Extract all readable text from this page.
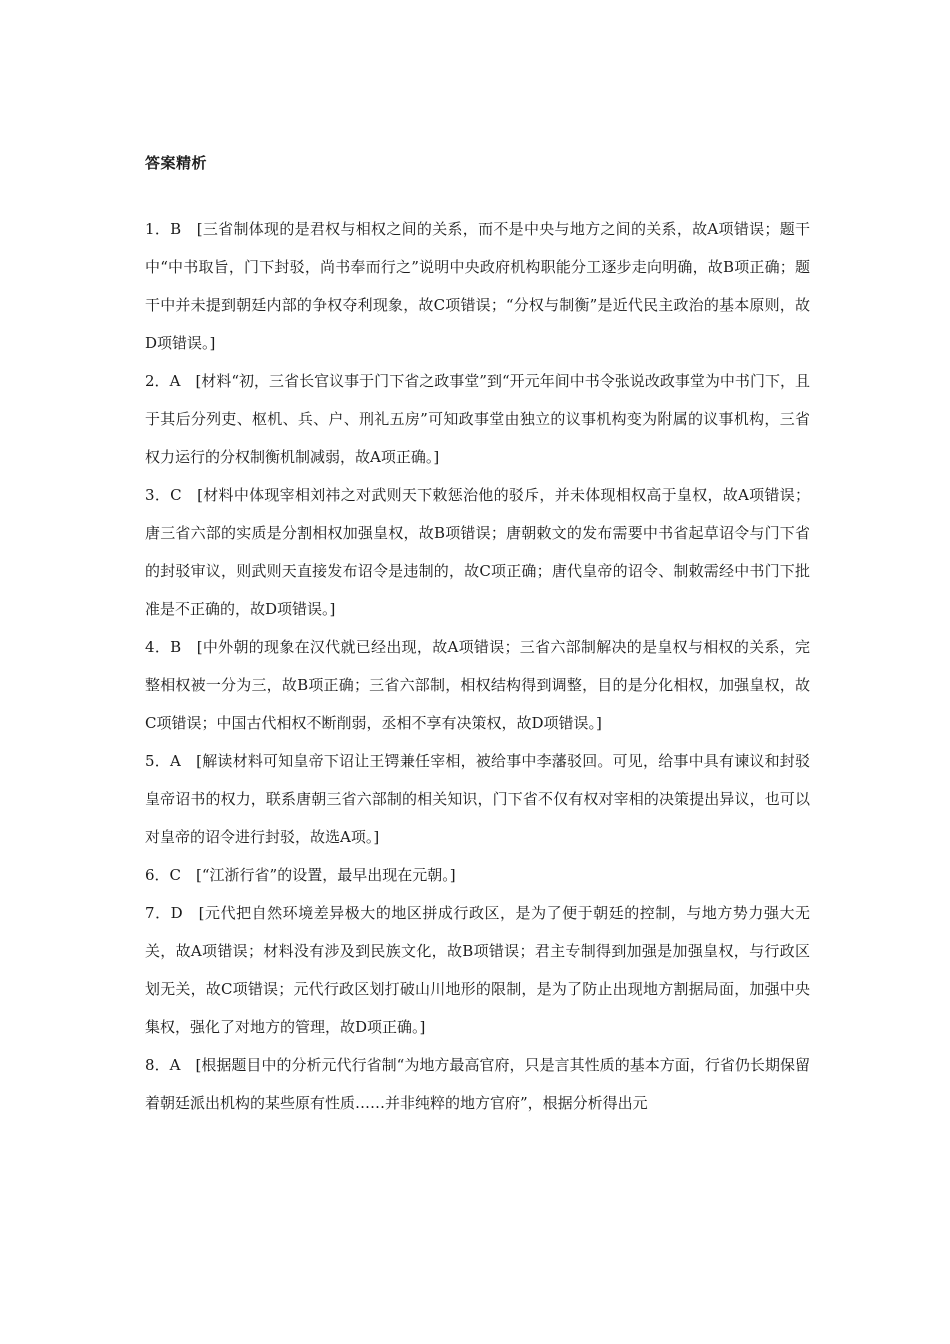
答案精析

1．B　[三省制体现的是君权与相权之间的关系，而不是中央与地方之间的关系，故A项错误；题干中“中书取旨，门下封驳，尚书奉而行之”说明中央政府机构职能分工逐步走向明确，故B项正确；题干中并未提到朝廷内部的争权夺利现象，故C项错误；“分权与制衡”是近代民主政治的基本原则，故D项错误。]

2．A　[材料“初，三省长官议事于门下省之政事堂”到“开元年间中书令张说改政事堂为中书门下，且于其后分列吏、枢机、兵、户、刑礼五房”可知政事堂由独立的议事机构变为附属的议事机构，三省权力运行的分权制衡机制减弱，故A项正确。]

3．C　[材料中体现宰相刘祎之对武则天下敕惩治他的驳斥，并未体现相权高于皇权，故A项错误；唐三省六部的实质是分割相权加强皇权，故B项错误；唐朝敕文的发布需要中书省起草诏令与门下省的封驳审议，则武则天直接发布诏令是违制的，故C项正确；唐代皇帝的诏令、制敕需经中书门下批准是不正确的，故D项错误。]

4．B　[中外朝的现象在汉代就已经出现，故A项错误；三省六部制解决的是皇权与相权的关系，完整相权被一分为三，故B项正确；三省六部制，相权结构得到调整，目的是分化相权，加强皇权，故C项错误；中国古代相权不断削弱，丞相不享有决策权，故D项错误。]

5．A　[解读材料可知皇帝下诏让王锷兼任宰相，被给事中李藩驳回。可见，给事中具有谏议和封驳皇帝诏书的权力，联系唐朝三省六部制的相关知识，门下省不仅有权对宰相的决策提出异议，也可以对皇帝的诏令进行封驳，故选A项。]

6．C　[“江浙行省”的设置，最早出现在元朝。]

7．D　[元代把自然环境差异极大的地区拼成行政区，是为了便于朝廷的控制，与地方势力强大无关，故A项错误；材料没有涉及到民族文化，故B项错误；君主专制得到加强是加强皇权，与行政区划无关，故C项错误；元代行政区划打破山川地形的限制，是为了防止出现地方割据局面，加强中央集权，强化了对地方的管理，故D项正确。]

8．A　[根据题目中的分析元代行省制“为地方最高官府，只是言其性质的基本方面，行省仍长期保留着朝廷派出机构的某些原有性质……并非纯粹的地方官府”，根据分析得出元
